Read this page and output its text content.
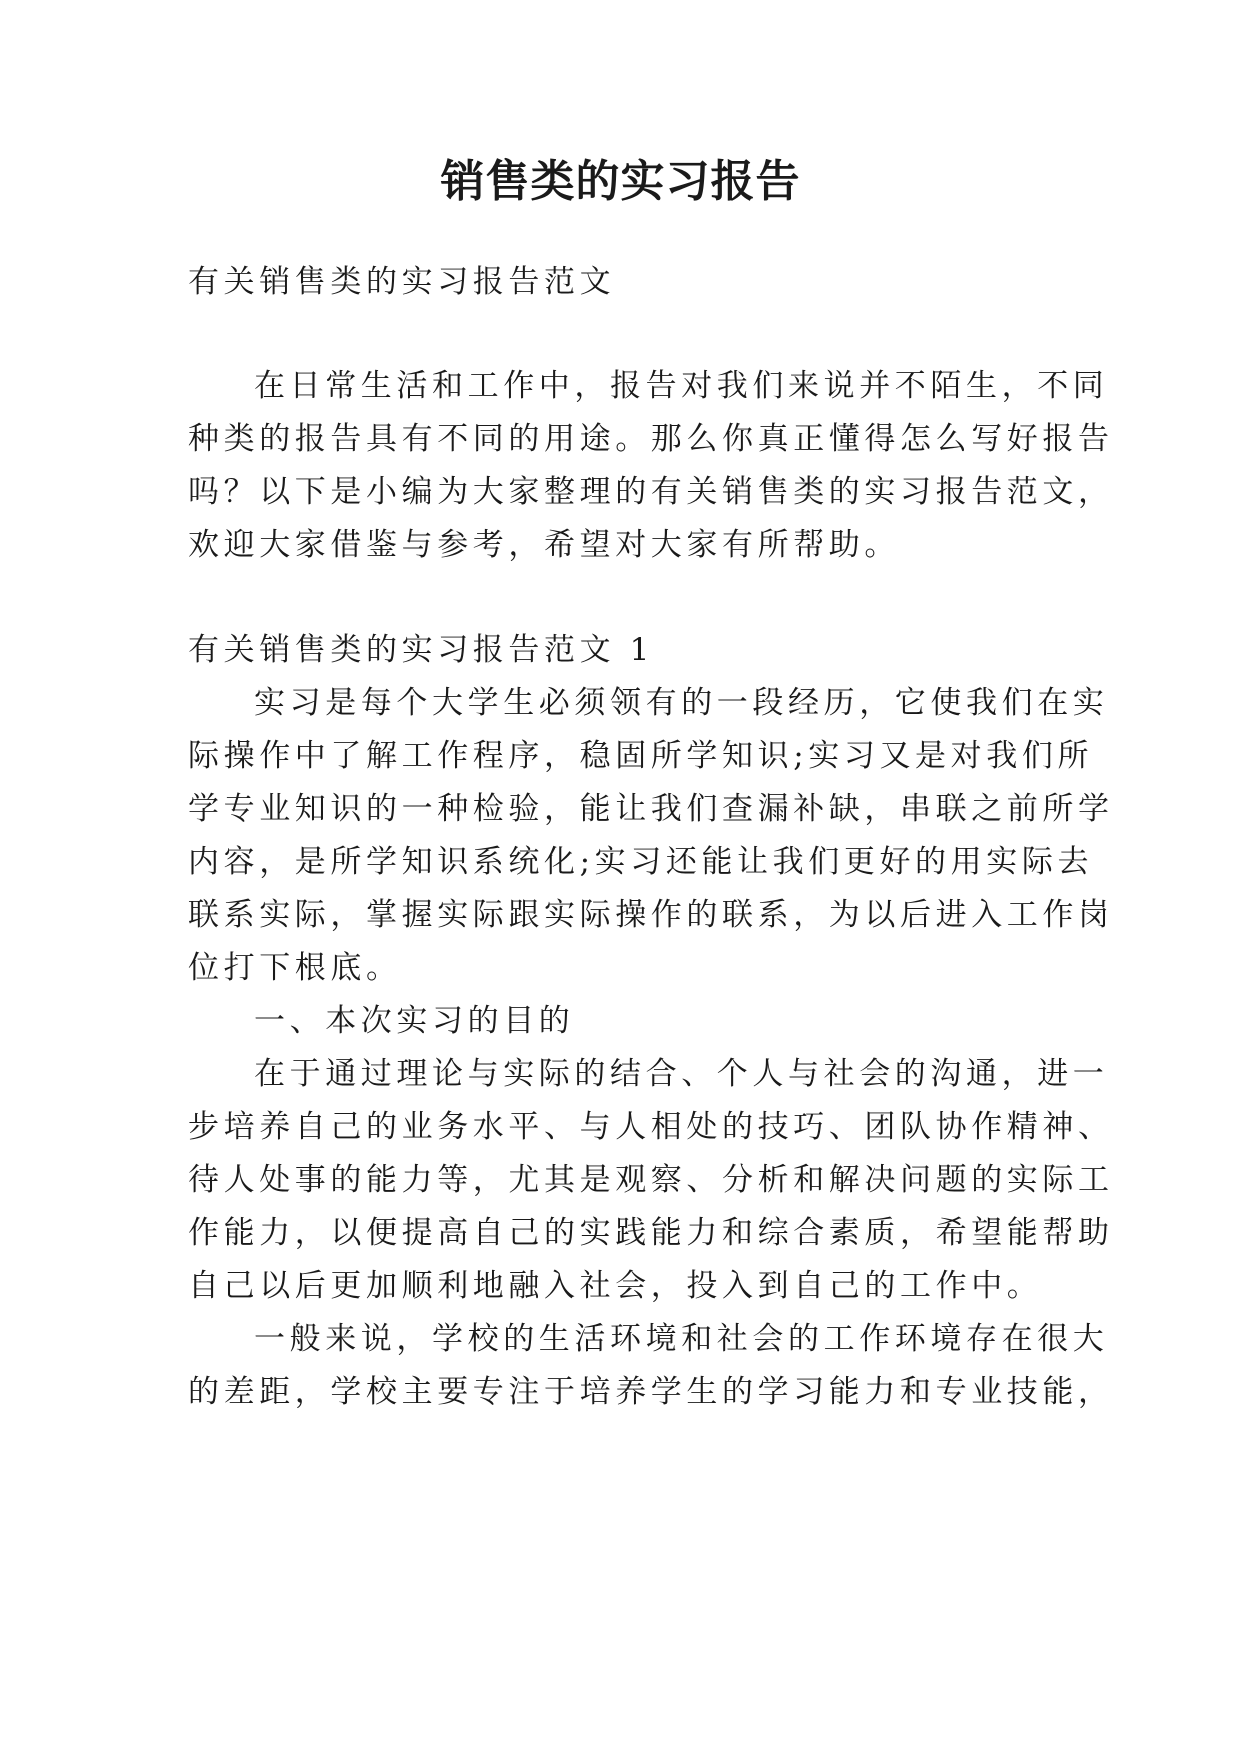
销售类的实习报告
有关销售类的实习报告范文
在日常生活和工作中，报告对我们来说并不陌生，不同
种类的报告具有不同的用途。那么你真正懂得怎么写好报告
吗？以下是小编为大家整理的有关销售类的实习报告范文，
欢迎大家借鉴与参考，希望对大家有所帮助。
有关销售类的实习报告范文 1
实习是每个大学生必须领有的一段经历，它使我们在实
际操作中了解工作程序，稳固所学知识;实习又是对我们所
学专业知识的一种检验，能让我们查漏补缺，串联之前所学
内容，是所学知识系统化;实习还能让我们更好的用实际去
联系实际，掌握实际跟实际操作的联系，为以后进入工作岗
位打下根底。
一、本次实习的目的
在于通过理论与实际的结合、个人与社会的沟通，进一
步培养自己的业务水平、与人相处的技巧、团队协作精神、
待人处事的能力等，尤其是观察、分析和解决问题的实际工
作能力，以便提高自己的实践能力和综合素质，希望能帮助
自己以后更加顺利地融入社会，投入到自己的工作中。
一般来说，学校的生活环境和社会的工作环境存在很大
的差距，学校主要专注于培养学生的学习能力和专业技能，
